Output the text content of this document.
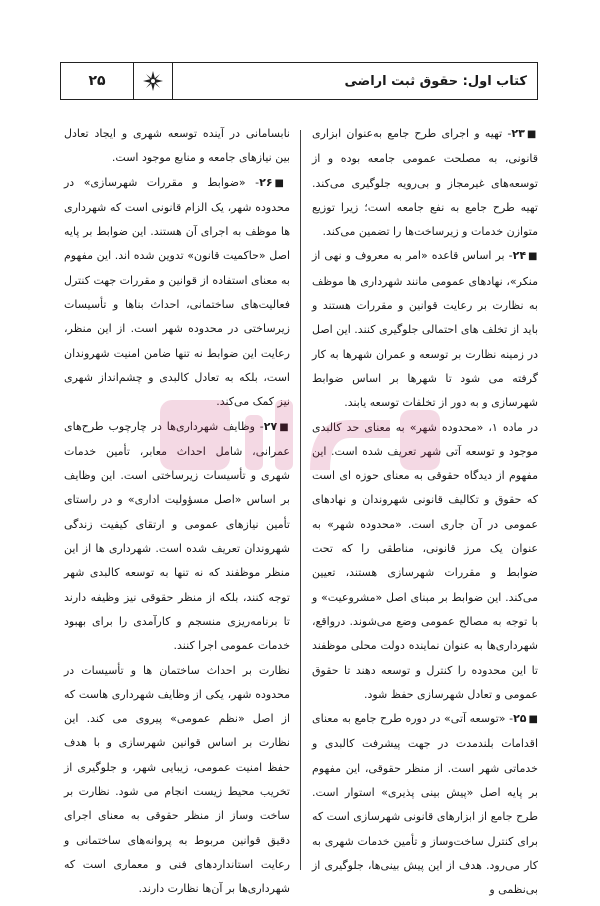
کتاب اول: حقوق ثبت اراضی
۲۵

■۲۳- تهیه و اجرای طرح جامع به‌عنوان ابزاری قانونی، به مصلحت عمومی جامعه بوده و از توسعه‌های غیرمجاز و بی‌رویه جلوگیری می‌کند. تهیه طرح جامع به نفع جامعه است؛ زیرا توزیع متوازن خدمات و زیرساخت‌ها را تضمین می‌کند.

■۲۴- بر اساس قاعده «امر به معروف و نهی از منکر»، نهادهای عمومی مانند شهرداری ها موظف به نظارت بر رعایت قوانین و مقررات هستند و باید از تخلف های احتمالی جلوگیری کنند. این اصل در زمینه نظارت بر توسعه و عمران شهرها به کار گرفته می شود تا شهرها بر اساس ضوابط شهرسازی و به دور از تخلفات توسعه یابند.

در ماده ۱، «محدوده شهر» به معنای حد کالبدی موجود و توسعه آتی شهر تعریف شده است. این مفهوم از دیدگاه حقوقی به معنای حوزه ای است که حقوق و تکالیف قانونی شهروندان و نهادهای عمومی در آن جاری است. «محدوده شهر» به عنوان یک مرز قانونی، مناطقی را که تحت ضوابط و مقررات شهرسازی هستند، تعیین می‌کند. این ضوابط بر مبنای اصل «مشروعیت» و با توجه به مصالح عمومی وضع می‌شوند. درواقع، شهرداری‌ها به عنوان نماینده دولت محلی موظفند تا این محدوده را کنترل و توسعه دهند تا حقوق عمومی و تعادل شهرسازی حفظ شود.

■۲۵- «توسعه آتی» در دوره طرح جامع به معنای اقدامات بلندمدت در جهت پیشرفت کالبدی و خدماتی شهر است. از منظر حقوقی، این مفهوم بر پایه اصل «پیش بینی پذیری» استوار است. طرح جامع از ابزارهای قانونی شهرسازی است که برای کنترل ساخت‌وساز و تأمین خدمات شهری به کار می‌رود. هدف از این پیش بینی‌ها، جلوگیری از بی‌نظمی و

نابسامانی در آینده توسعه شهری و ایجاد تعادل بین نیازهای جامعه و منابع موجود است.

■۲۶- «ضوابط و مقررات شهرسازی» در محدوده شهر، یک الزام قانونی است که شهرداری ها موظف به اجرای آن هستند. این ضوابط بر پایه اصل «حاکمیت قانون» تدوین شده اند. این مفهوم به معنای استفاده از قوانین و مقررات جهت کنترل فعالیت‌های ساختمانی، احداث بناها و تأسیسات زیرساختی در محدوده شهر است. از این منظر، رعایت این ضوابط نه تنها ضامن امنیت شهروندان است، بلکه به تعادل کالبدی و چشم‌انداز شهری نیز کمک می‌کند.

■۲۷- وظایف شهرداری‌ها در چارچوب طرح‌های عمرانی، شامل احداث معابر، تأمین خدمات شهری و تأسیسات زیرساختی است. این وظایف بر اساس «اصل مسؤولیت اداری» و در راستای تأمین نیازهای عمومی و ارتقای کیفیت زندگی شهروندان تعریف شده است. شهرداری ها از این منظر موظفند که نه تنها به توسعه کالبدی شهر توجه کنند، بلکه از منظر حقوقی نیز وظیفه دارند تا برنامه‌ریزی منسجم و کارآمدی را برای بهبود خدمات عمومی اجرا کنند.

نظارت بر احداث ساختمان ها و تأسیسات در محدوده شهر، یکی از وظایف شهرداری هاست که از اصل «نظم عمومی» پیروی می کند. این نظارت بر اساس قوانین شهرسازی و با هدف حفظ امنیت عمومی، زیبایی شهر، و جلوگیری از تخریب محیط زیست انجام می شود. نظارت بر ساخت وساز از منظر حقوقی به معنای اجرای دقیق قوانین مربوط به پروانه‌های ساختمانی و رعایت استانداردهای فنی و معماری است که شهرداری‌ها بر آن‌ها نظارت دارند.
